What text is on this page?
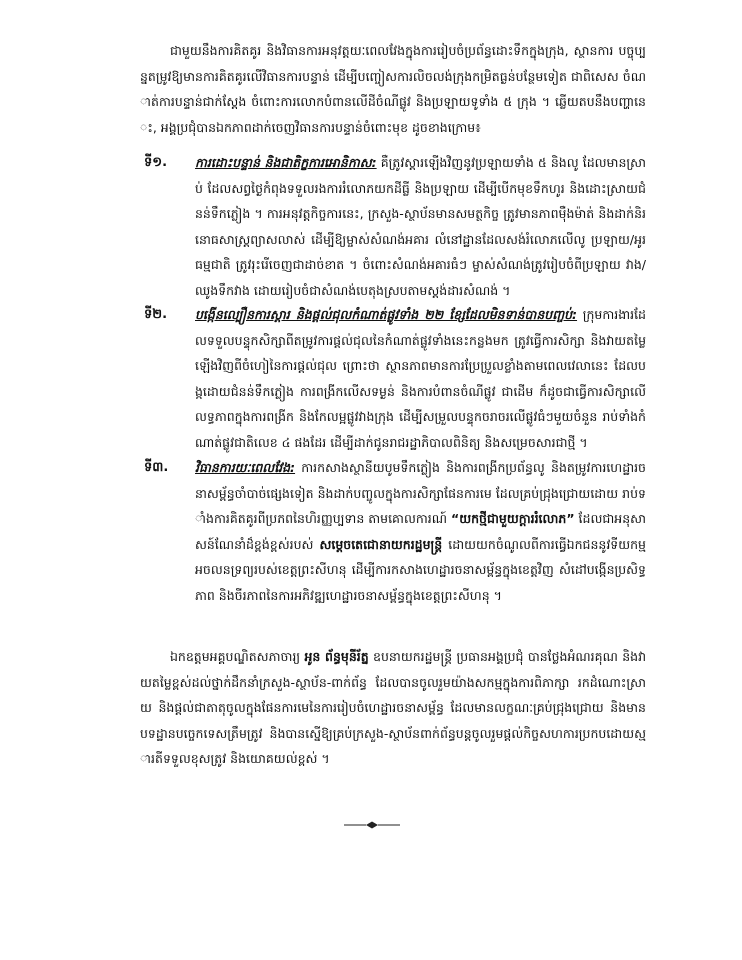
ជាមួយនឹងការគិតគូរ និងវិធានការអនុវត្តយៈពេលវែងក្នុងការរៀបចំប្រព័ន្ធដោះទឹកក្នុងក្រុង, ស្ថានការ បច្ចុប្បន្នតម្រូវឱ្យមានការគិតគូរលើវិធានការបន្ទាន់ ដើម្បីបញ្ចៀសការលិចលង់ក្រុងកម្រិតធ្ងន់បន្ថែមទៀត ជាពិសេស ចំណាត់ការបន្ទាន់ជាក់ស្តែង ចំពោះការលោកបំពានលើដីចំណីផ្លូវ និងប្រឡាយទូទាំង ៥ ក្រុង ។ ឆ្លើយតបនឹងបញ្ហានេះ, អង្គប្រជុំបានឯកភាពដាក់ចេញវិធានការបន្ទាន់ចំពោះមុខ ដូចខាងក្រោម៖
ទី១. ការដោះបន្ទាន់ និងជាតិក្ខការអោនិកាស: គឺត្រូវស្តារឡើងវិញនូវប្រឡាយទាំង ៥ និងលូ ដែលមានស្រាប់ ដែលសព្វថ្ងៃកំពុងទទួលរងការរំលោភយកដីធ្លី និងប្រឡាយ ដើម្បីបើកមុខទឹកហូរ និងដោះស្រាយជំនន់ទឹកភ្លៀង ។ ការអនុវត្តកិច្ចការនេះ, ក្រសួង-ស្ថាប័នមានសមត្ថកិច្ច ត្រូវមានភាពម៉ឺងម៉ាត់ និងដាក់និរនោធសាស្ត្រព្យាសលាស់ ដើម្បីឱ្យម្ចាស់សំណង់អគារ លំនៅដ្ឋានដែលសង់រំលោភលើលូ ប្រឡាយ/អូរធម្មជាតិ ត្រូវរុះរើចេញជាដាច់ខាត ។ ចំពោះសំណង់អគារធំៗ ម្ចាស់សំណង់ត្រូវរៀបចំពីប្រឡាយ វាង/ឈូងទឹកវាង ដោយរៀបចំជាសំណង់បេតុងស្របតាមស្តង់ដារសំណង់ ។
ទី២. បង្កើនល្បឿនការស្តារ និងផ្តល់ជុលកំណាត់ផ្លូវទាំង ២២ ខ្សែដែលមិនទាន់បានបញ្ចប់: ក្រុមការងារដែលទទួលបន្ទុកសិក្សាពីតម្រូវការផ្តល់ជុលនៃកំណាត់ផ្លូវទាំងនេះកន្លងមក ត្រូវធ្វើការសិក្សា និងវាយតម្លៃឡើងវិញពីចំហៀនៃការផ្តល់ជុល ព្រោះថា ស្ថានភាពមានការប្រែប្រួលខ្លាំងតាមពេលវេលានេះ ដែលបង្កដោយជំនន់ទឹកភ្លៀង ការពង្រីកលើសទម្ងន់ និងការបំពានចំណីផ្លូវ ជាដើម ក៏ដូចជាធ្វើការសិក្សាលើលទ្ធភាពក្នុងការពង្រីក និងកែលម្អផ្លូវវាងក្រុង ដើម្បីសម្រួលបន្ទុកចរាចរលើផ្លូវធំៗមួយចំនួន រាប់ទាំងកំណាត់ផ្លូវជាតិលេខ ៤ ផងដែរ ដើម្បីដាក់ជូនរាជរដ្ឋាភិបាលពិនិត្យ និងសម្រេចសារជាថ្មី ។
ទី៣. វិធានការយៈពេលវែង: ការកសាងស្ថានីយបូមទឹកភ្លៀង និងការពង្រីកប្រព័ន្ធលូ និងតម្រូវការហេដ្ឋារចនាសម្ព័ន្ធចាំបាច់ផ្សេងទៀត និងដាក់បញ្ចូលក្នុងការសិក្សាផែនការមេ ដែលគ្រប់ជ្រុងជ្រោយដោយ រាប់ទាំងការគិតគូរពីប្រភពនៃហិរញ្ញប្បទាន តាមគោលការណ៍ “យកថ្មីជាមួយក្តាររំលោភ” ដែលជាអនុសាសន៍ណែនាំដ៏ខ្ពង់ខ្ពស់របស់ សម្តេចតេជោនាយករដ្ឋមន្ត្រី ដោយយកចំណូលពីការធ្វើឯកជននូវទីយកម្មអចលនទ្រព្យរបស់ខេត្តព្រះសីហនុ ដើម្បីការកសាងហេដ្ឋារចនាសម្ព័ន្ធក្នុងខេត្តវិញ សំដៅបង្កើនប្រសិទ្ធភាព និងចីរភាពនៃការអភិវឌ្ឍហេដ្ឋារចនាសម្ព័ន្ធក្នុងខេត្តព្រះសីហនុ ។
ឯកឧត្តមអគ្គបណ្ឌិតសភាចារ្យ អូន ព័ន្ធមុនីរ័ត្ន ឧបនាយករដ្ឋមន្ត្រី ប្រធានអង្គប្រជុំ បានថ្លែងអំណរគុណ និងវាយតម្លៃខ្ពស់ដល់ថ្នាក់ដឹកនាំក្រសួង-ស្ថាប័ន-ពាក់ព័ន្ធ ដែលបានចូលរួមយ៉ាងសកម្មក្នុងការពិភាក្សា រកដំណោះស្រាយ និងផ្តល់ជាតាតុចូលក្នុងផែនការមេនៃការរៀបចំហេដ្ឋារចនាសម្ព័ន្ធ ដែលមានលក្ខណៈគ្រប់ជ្រុងជ្រោយ និងមានបទដ្ឋានបច្ចេកទេសត្រឹមត្រូវ និងបានស្នើឱ្យគ្រប់ក្រសួង-ស្ថាប័នពាក់ព័ន្ធបន្តចូលរួមផ្តល់កិច្ចសហការប្រកបដោយស្មារតីទទួលខុសត្រូវ និងយោគយល់ខ្ពស់ ។
